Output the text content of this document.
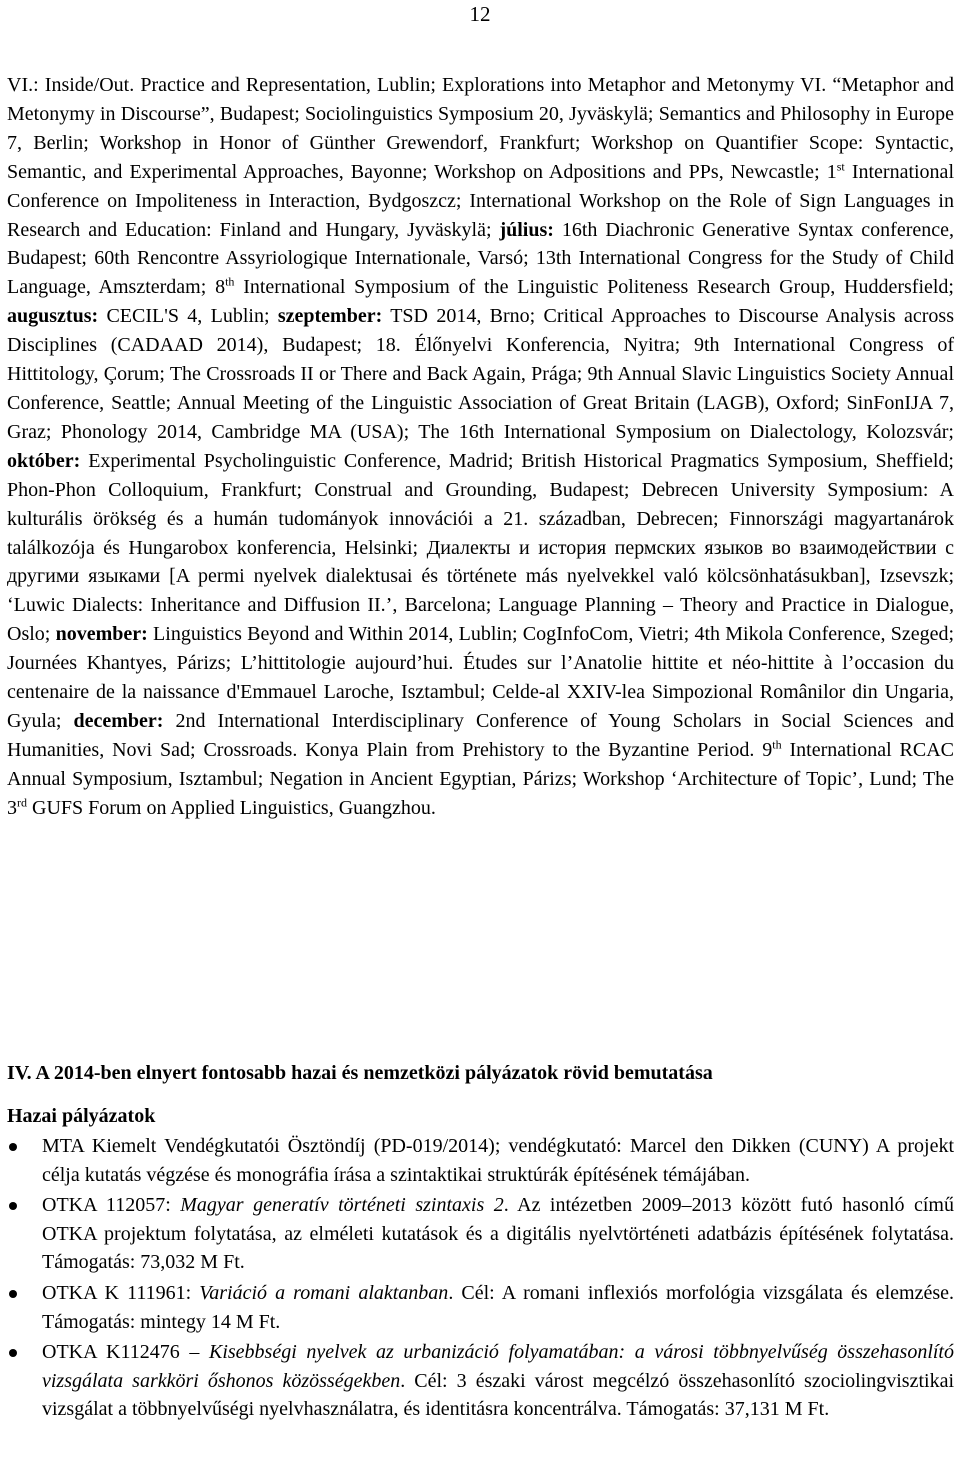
12
VI.: Inside/Out. Practice and Representation, Lublin; Explorations into Metaphor and Metonymy VI. “Metaphor and Metonymy in Discourse”, Budapest; Sociolinguistics Symposium 20, Jyväskylä; Semantics and Philosophy in Europe 7, Berlin; Workshop in Honor of Günther Grewendorf, Frankfurt; Workshop on Quantifier Scope: Syntactic, Semantic, and Experimental Approaches, Bayonne; Workshop on Adpositions and PPs, Newcastle; 1st International Conference on Impoliteness in Interaction, Bydgoszcz; International Workshop on the Role of Sign Languages in Research and Education: Finland and Hungary, Jyväskylä; július: 16th Diachronic Generative Syntax conference, Budapest; 60th Rencontre Assyriologique Internationale, Varsó; 13th International Congress for the Study of Child Language, Amszterdam; 8th International Symposium of the Linguistic Politeness Research Group, Huddersfield; augusztus: CECIL'S 4, Lublin; szeptember: TSD 2014, Brno; Critical Approaches to Discourse Analysis across Disciplines (CADAAD 2014), Budapest; 18. Élőnyelvi Konferencia, Nyitra; 9th International Congress of Hittitology, Çorum; The Crossroads II or There and Back Again, Prága; 9th Annual Slavic Linguistics Society Annual Conference, Seattle; Annual Meeting of the Linguistic Association of Great Britain (LAGB), Oxford; SinFonIJA 7, Graz; Phonology 2014, Cambridge MA (USA); The 16th International Symposium on Dialectology, Kolozsvár; október: Experimental Psycholinguistic Conference, Madrid; British Historical Pragmatics Symposium, Sheffield; Phon-Phon Colloquium, Frankfurt; Construal and Grounding, Budapest; Debrecen University Symposium: A kulturális örökség és a humán tudományok innovációi a 21. században, Debrecen; Finnországi magyartanárok találkozója és Hungarobox konferencia, Helsinki; Диалекты и история пермских языков во взаимодействии с другими языками [A permi nyelvek dialektusai és története más nyelvekkel való kölcsönhatásukban], Izsevszk; ‘Luwic Dialects: Inheritance and Diffusion II.’, Barcelona; Language Planning – Theory and Practice in Dialogue, Oslo; november: Linguistics Beyond and Within 2014, Lublin; CogInfoCom, Vietri; 4th Mikola Conference, Szeged; Journées Khantyes, Párizs; L’hittitologie aujourd’hui. Études sur l’Anatolie hittite et néo-hittite à l’occasion du centenaire de la naissance d'Emmauel Laroche, Isztambul; Celde-al XXIV-lea Simpozional Românilor din Ungaria, Gyula; december: 2nd International Interdisciplinary Conference of Young Scholars in Social Sciences and Humanities, Novi Sad; Crossroads. Konya Plain from Prehistory to the Byzantine Period. 9th International RCAC Annual Symposium, Isztambul; Negation in Ancient Egyptian, Párizs; Workshop ‘Architecture of Topic’, Lund; The 3rd GUFS Forum on Applied Linguistics, Guangzhou.
IV. A 2014-ben elnyert fontosabb hazai és nemzetközi pályázatok rövid bemutatása
Hazai pályázatok
MTA Kiemelt Vendégkutatói Ösztöndíj (PD-019/2014); vendégkutató: Marcel den Dikken (CUNY) A projekt célja kutatás végzése és monográfia írása a szintaktikai struktúrák építésének témájában.
OTKA 112057: Magyar generatív történeti szintaxis 2. Az intézetben 2009–2013 között futó hasonló című OTKA projektum folytatása, az elméleti kutatások és a digitális nyelvtörténeti adatbázis építésének folytatása. Támogatás: 73,032 M Ft.
OTKA K 111961: Variáció a romani alaktanban. Cél: A romani inflexiós morfológia vizsgálata és elemzése. Támogatás: mintegy 14 M Ft.
OTKA K112476 – Kisebbségi nyelvek az urbanizáció folyamatában: a városi többnyelvűség összehasonlító vizsgálata sarkköri őshonos közösségekben. Cél: 3 északi várost megcélzó összehasonlító szociolingvisztikai vizsgálat a többnyelvűségi nyelvhasználatra, és identitásra koncentrálva. Támogatás: 37,131 M Ft.
